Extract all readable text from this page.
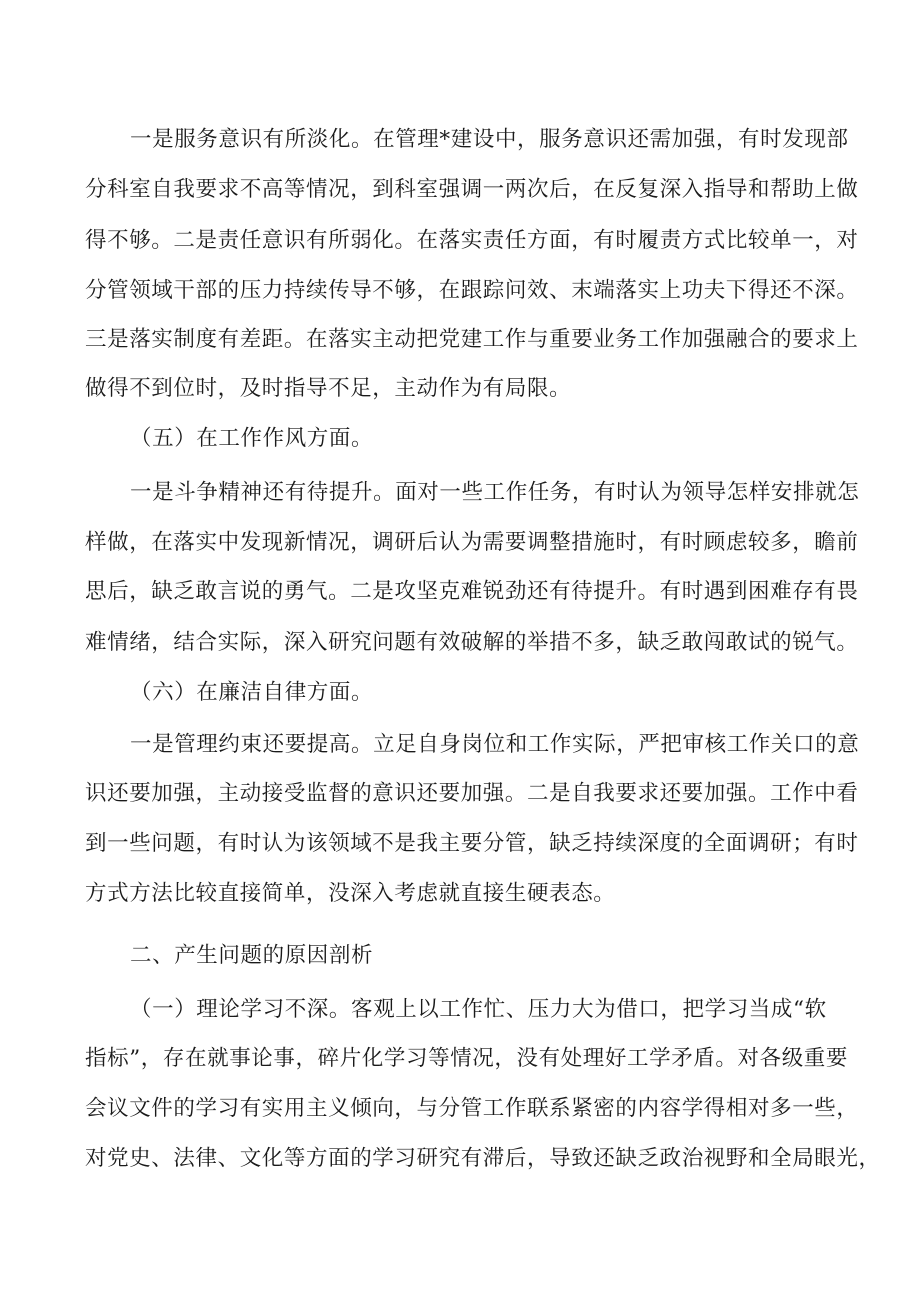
一是服务意识有所淡化。在管理*建设中，服务意识还需加强，有时发现部
分科室自我要求不高等情况，到科室强调一两次后，在反复深入指导和帮助上做
得不够。二是责任意识有所弱化。在落实责任方面，有时履责方式比较单一，对
分管领域干部的压力持续传导不够，在跟踪问效、末端落实上功夫下得还不深。
三是落实制度有差距。在落实主动把党建工作与重要业务工作加强融合的要求上
做得不到位时，及时指导不足，主动作为有局限。
（五）在工作作风方面。
一是斗争精神还有待提升。面对一些工作任务，有时认为领导怎样安排就怎
样做，在落实中发现新情况，调研后认为需要调整措施时，有时顾虑较多，瞻前
思后，缺乏敢言说的勇气。二是攻坚克难锐劲还有待提升。有时遇到困难存有畏
难情绪，结合实际，深入研究问题有效破解的举措不多，缺乏敢闯敢试的锐气。
（六）在廉洁自律方面。
一是管理约束还要提高。立足自身岗位和工作实际，严把审核工作关口的意
识还要加强，主动接受监督的意识还要加强。二是自我要求还要加强。工作中看
到一些问题，有时认为该领域不是我主要分管，缺乏持续深度的全面调研；有时
方式方法比较直接简单，没深入考虑就直接生硬表态。
二、产生问题的原因剖析
（一）理论学习不深。客观上以工作忙、压力大为借口，把学习当成“软
指标”，存在就事论事，碎片化学习等情况，没有处理好工学矛盾。对各级重要
会议文件的学习有实用主义倾向，与分管工作联系紧密的内容学得相对多一些，
对党史、法律、文化等方面的学习研究有滞后，导致还缺乏政治视野和全局眼光，
